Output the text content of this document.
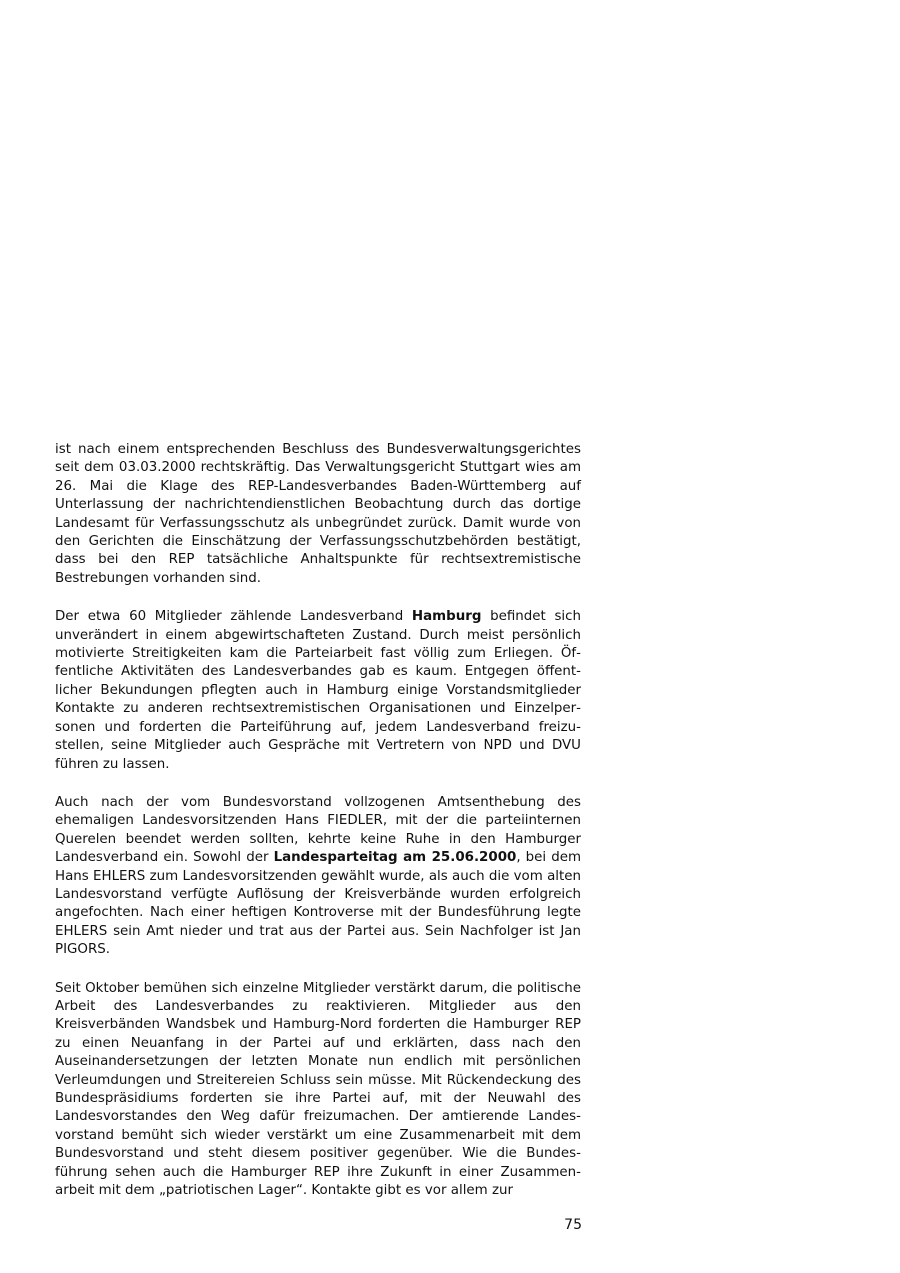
ist nach einem entsprechenden Beschluss des Bundesverwaltungsgerichtes seit dem 03.03.2000 rechtskräftig. Das Verwaltungsgericht Stuttgart wies am 26. Mai die Klage des REP-Landesverbandes Baden-Württemberg auf Unterlassung der nachrichtendienstlichen Beobachtung durch das dortige Landesamt für Verfassungsschutz als unbegründet zurück. Damit wurde von den Gerichten die Einschätzung der Verfassungsschutzbehörden bestätigt, dass bei den REP tatsächliche Anhaltspunkte für rechtsextremistische Bestrebungen vorhanden sind.

Der etwa 60 Mitglieder zählende Landesverband Hamburg befindet sich unverändert in einem abgewirtschafteten Zustand. Durch meist persönlich motivierte Streitigkeiten kam die Parteiarbeit fast völlig zum Erliegen. Öffentliche Aktivitäten des Landesverbandes gab es kaum. Entgegen öffentlicher Bekundungen pflegten auch in Hamburg einige Vorstandsmitglieder Kontakte zu anderen rechtsextremistischen Organisationen und Einzelpersonen und forderten die Parteiführung auf, jedem Landesverband freizustellen, seine Mitglieder auch Gespräche mit Vertretern von NPD und DVU führen zu lassen.

Auch nach der vom Bundesvorstand vollzogenen Amtsenthebung des ehemaligen Landesvorsitzenden Hans FIEDLER, mit der die parteiinternen Querelen beendet werden sollten, kehrte keine Ruhe in den Hamburger Landesverband ein. Sowohl der Landesparteitag am 25.06.2000, bei dem Hans EHLERS zum Landesvorsitzenden gewählt wurde, als auch die vom alten Landesvorstand verfügte Auflösung der Kreisverbände wurden erfolgreich angefochten. Nach einer heftigen Kontroverse mit der Bundesführung legte EHLERS sein Amt nieder und trat aus der Partei aus. Sein Nachfolger ist Jan PIGORS.

Seit Oktober bemühen sich einzelne Mitglieder verstärkt darum, die politische Arbeit des Landesverbandes zu reaktivieren. Mitglieder aus den Kreisverbänden Wandsbek und Hamburg-Nord forderten die Hamburger REP zu einen Neuanfang in der Partei auf und erklärten, dass nach den Auseinandersetzungen der letzten Monate nun endlich mit persönlichen Verleumdungen und Streitereien Schluss sein müsse. Mit Rückendeckung des Bundespräsidiums forderten sie ihre Partei auf, mit der Neuwahl des Landesvorstandes den Weg dafür freizumachen. Der amtierende Landesvorstand bemüht sich wieder verstärkt um eine Zusammenarbeit mit dem Bundesvorstand und steht diesem positiver gegenüber. Wie die Bundesführung sehen auch die Hamburger REP ihre Zukunft in einer Zusammenarbeit mit dem „patriotischen Lager“. Kontakte gibt es vor allem zur

75
